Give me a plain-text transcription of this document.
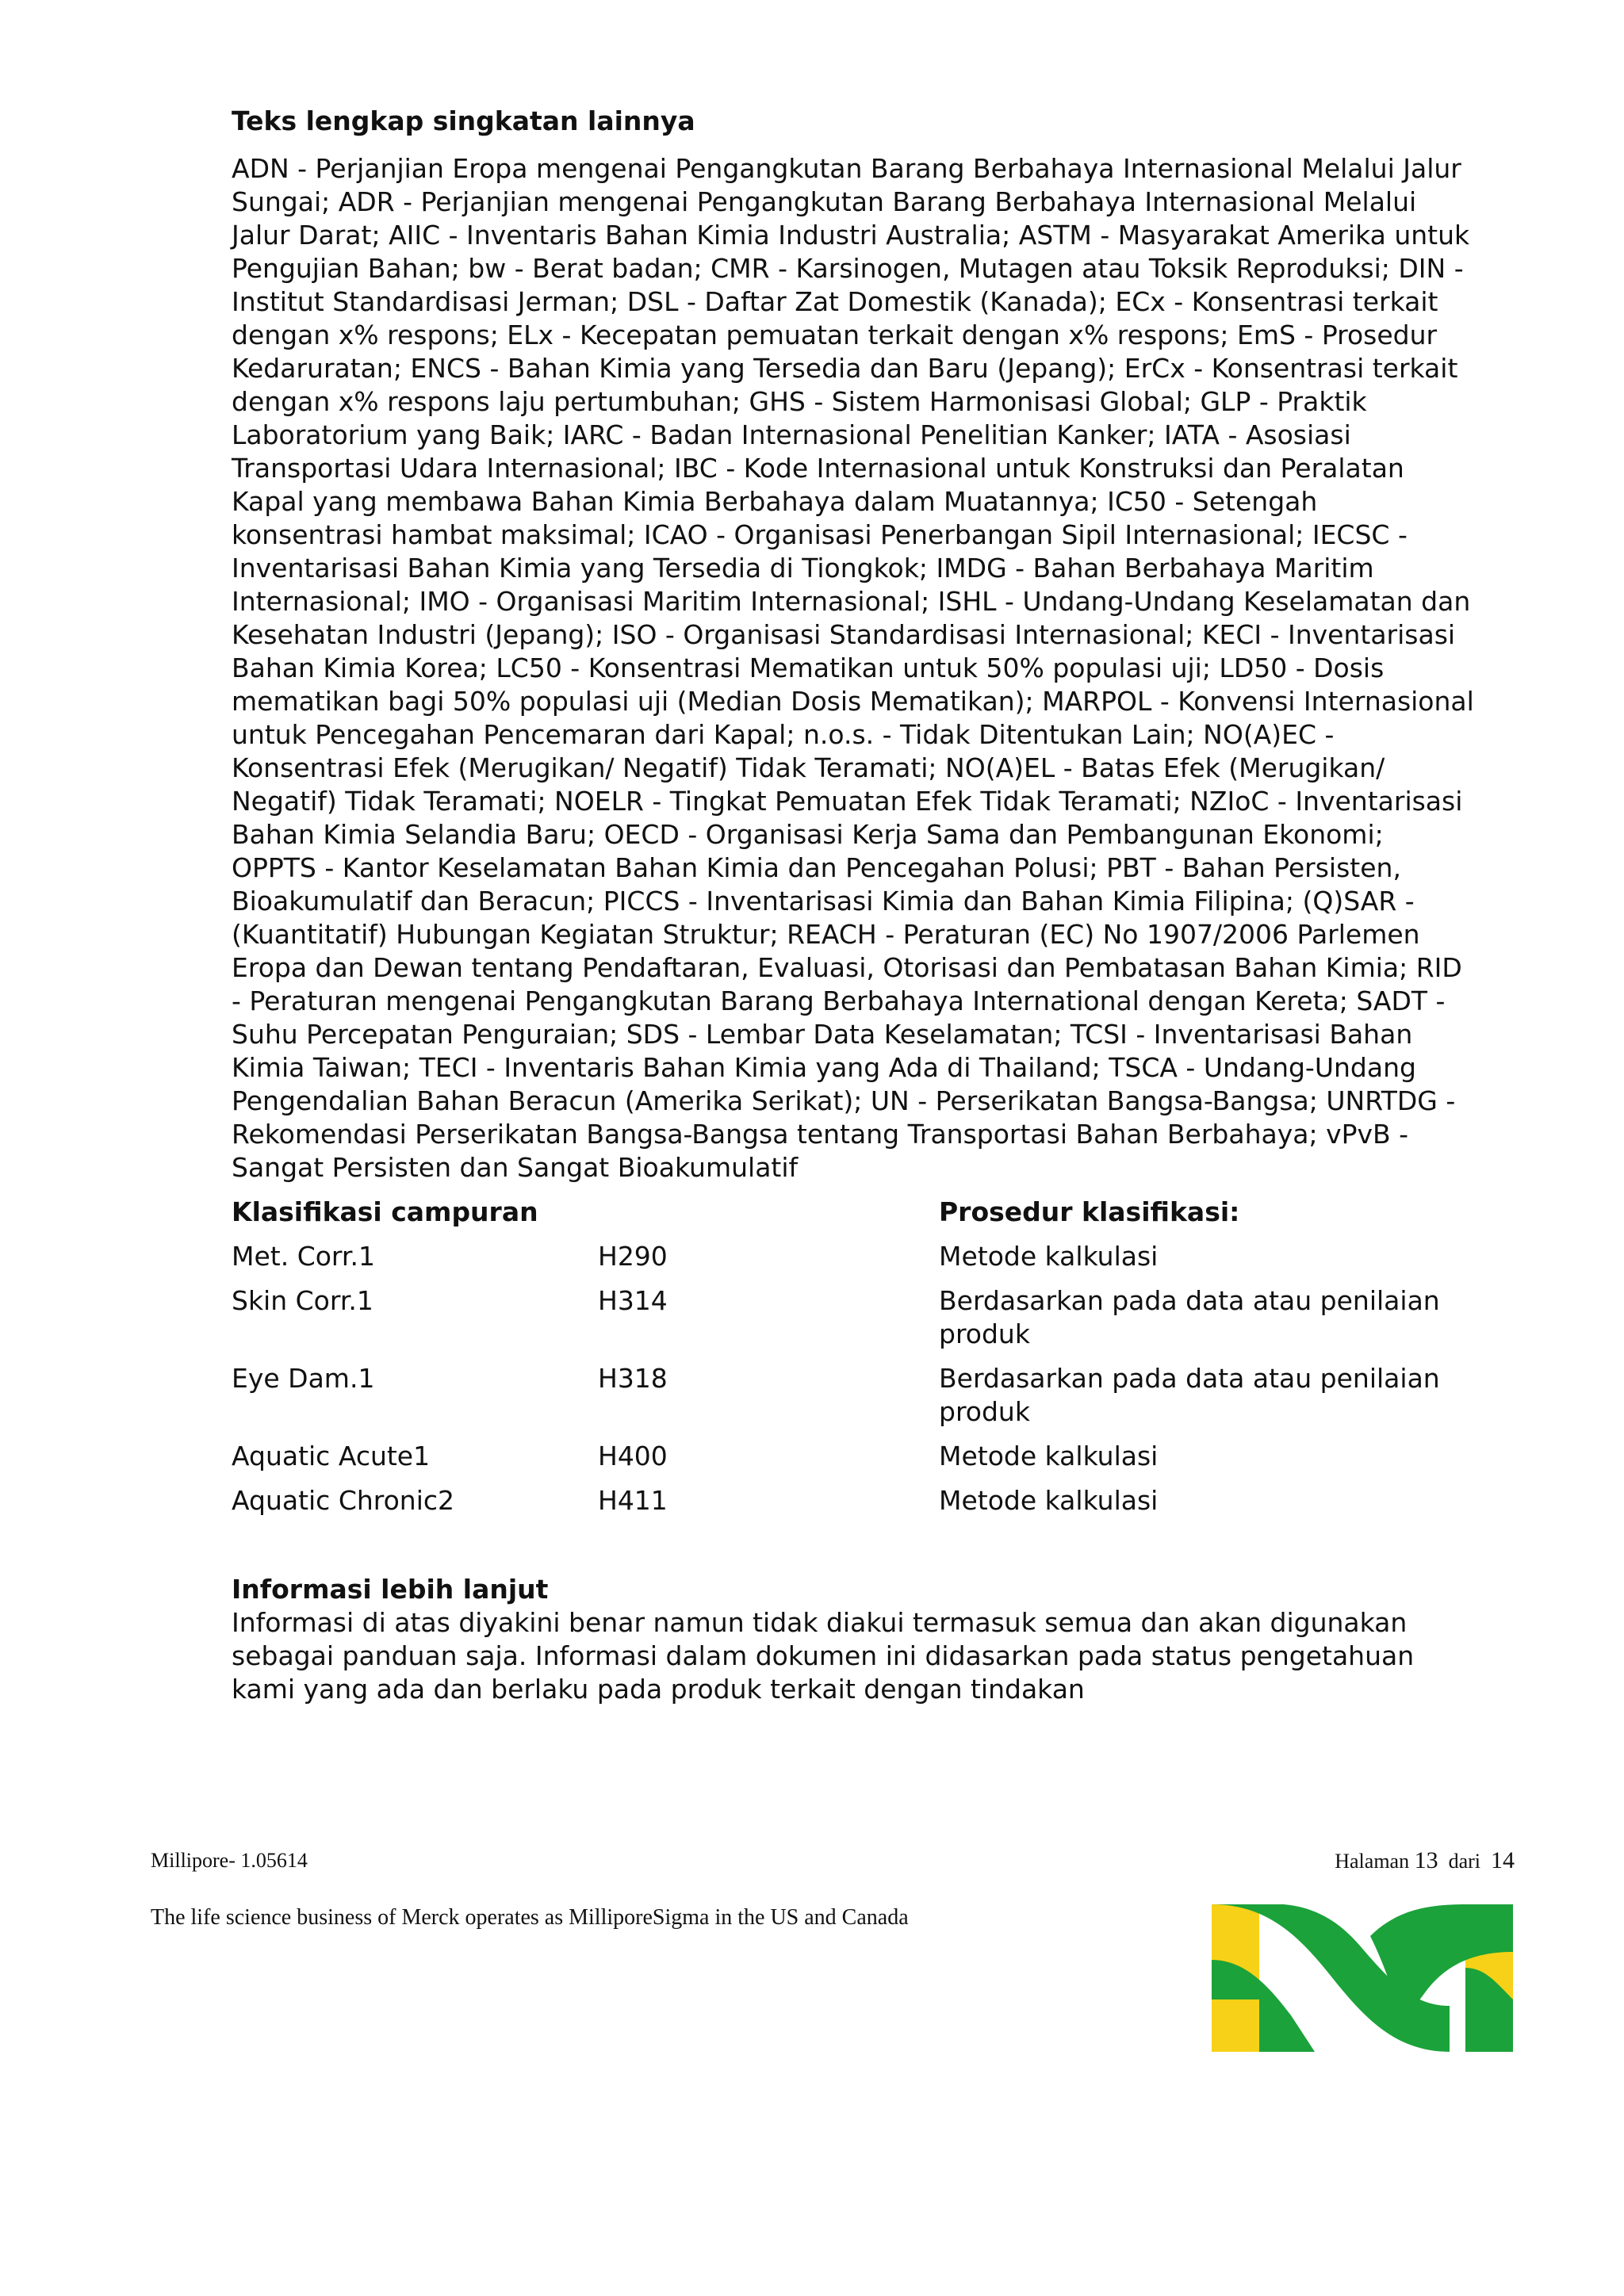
Teks lengkap singkatan lainnya

ADN - Perjanjian Eropa mengenai Pengangkutan Barang Berbahaya Internasional Melalui Jalur Sungai; ADR - Perjanjian mengenai Pengangkutan Barang Berbahaya Internasional Melalui Jalur Darat; AIIC - Inventaris Bahan Kimia Industri Australia; ASTM - Masyarakat Amerika untuk Pengujian Bahan; bw - Berat badan; CMR - Karsinogen, Mutagen atau Toksik Reproduksi; DIN - Institut Standardisasi Jerman; DSL - Daftar Zat Domestik (Kanada); ECx - Konsentrasi terkait dengan x% respons; ELx - Kecepatan pemuatan terkait dengan x% respons; EmS - Prosedur Kedaruratan; ENCS - Bahan Kimia yang Tersedia dan Baru (Jepang); ErCx - Konsentrasi terkait dengan x% respons laju pertumbuhan; GHS - Sistem Harmonisasi Global; GLP - Praktik Laboratorium yang Baik; IARC - Badan Internasional Penelitian Kanker; IATA - Asosiasi Transportasi Udara Internasional; IBC - Kode Internasional untuk Konstruksi dan Peralatan Kapal yang membawa Bahan Kimia Berbahaya dalam Muatannya; IC50 - Setengah konsentrasi hambat maksimal; ICAO - Organisasi Penerbangan Sipil Internasional; IECSC - Inventarisasi Bahan Kimia yang Tersedia di Tiongkok; IMDG - Bahan Berbahaya Maritim Internasional; IMO - Organisasi Maritim Internasional; ISHL - Undang-Undang Keselamatan dan Kesehatan Industri (Jepang); ISO - Organisasi Standardisasi Internasional; KECI - Inventarisasi Bahan Kimia Korea; LC50 - Konsentrasi Mematikan untuk 50% populasi uji; LD50 - Dosis mematikan bagi 50% populasi uji (Median Dosis Mematikan); MARPOL - Konvensi Internasional untuk Pencegahan Pencemaran dari Kapal; n.o.s. - Tidak Ditentukan Lain; NO(A)EC - Konsentrasi Efek (Merugikan/ Negatif) Tidak Teramati; NO(A)EL - Batas Efek (Merugikan/ Negatif) Tidak Teramati; NOELR - Tingkat Pemuatan Efek Tidak Teramati; NZIoC - Inventarisasi Bahan Kimia Selandia Baru; OECD - Organisasi Kerja Sama dan Pembangunan Ekonomi; OPPTS - Kantor Keselamatan Bahan Kimia dan Pencegahan Polusi; PBT - Bahan Persisten, Bioakumulatif dan Beracun; PICCS - Inventarisasi Kimia dan Bahan Kimia Filipina; (Q)SAR - (Kuantitatif) Hubungan Kegiatan Struktur; REACH - Peraturan (EC) No 1907/2006 Parlemen Eropa dan Dewan tentang Pendaftaran, Evaluasi, Otorisasi dan Pembatasan Bahan Kimia; RID - Peraturan mengenai Pengangkutan Barang Berbahaya International dengan Kereta; SADT - Suhu Percepatan Penguraian; SDS - Lembar Data Keselamatan; TCSI - Inventarisasi Bahan Kimia Taiwan; TECI - Inventaris Bahan Kimia yang Ada di Thailand; TSCA - Undang-Undang Pengendalian Bahan Beracun (Amerika Serikat); UN - Perserikatan Bangsa-Bangsa; UNRTDG - Rekomendasi Perserikatan Bangsa-Bangsa tentang Transportasi Bahan Berbahaya; vPvB - Sangat Persisten dan Sangat Bioakumulatif

Klasifikasi campuran		Prosedur klasifikasi:
Met. Corr.1	H290	Metode kalkulasi
Skin Corr.1	H314	Berdasarkan pada data atau penilaian produk
Eye Dam.1	H318	Berdasarkan pada data atau penilaian produk
Aquatic Acute1	H400	Metode kalkulasi
Aquatic Chronic2	H411	Metode kalkulasi
Informasi lebih lanjut

Informasi di atas diyakini benar namun tidak diakui termasuk semua dan akan digunakan sebagai panduan saja. Informasi dalam dokumen ini didasarkan pada status pengetahuan kami yang ada dan berlaku pada produk terkait dengan tindakan

Millipore- 1.05614	Halaman 13 dari 14
The life science business of Merck operates as MilliporeSigma in the US and Canada
